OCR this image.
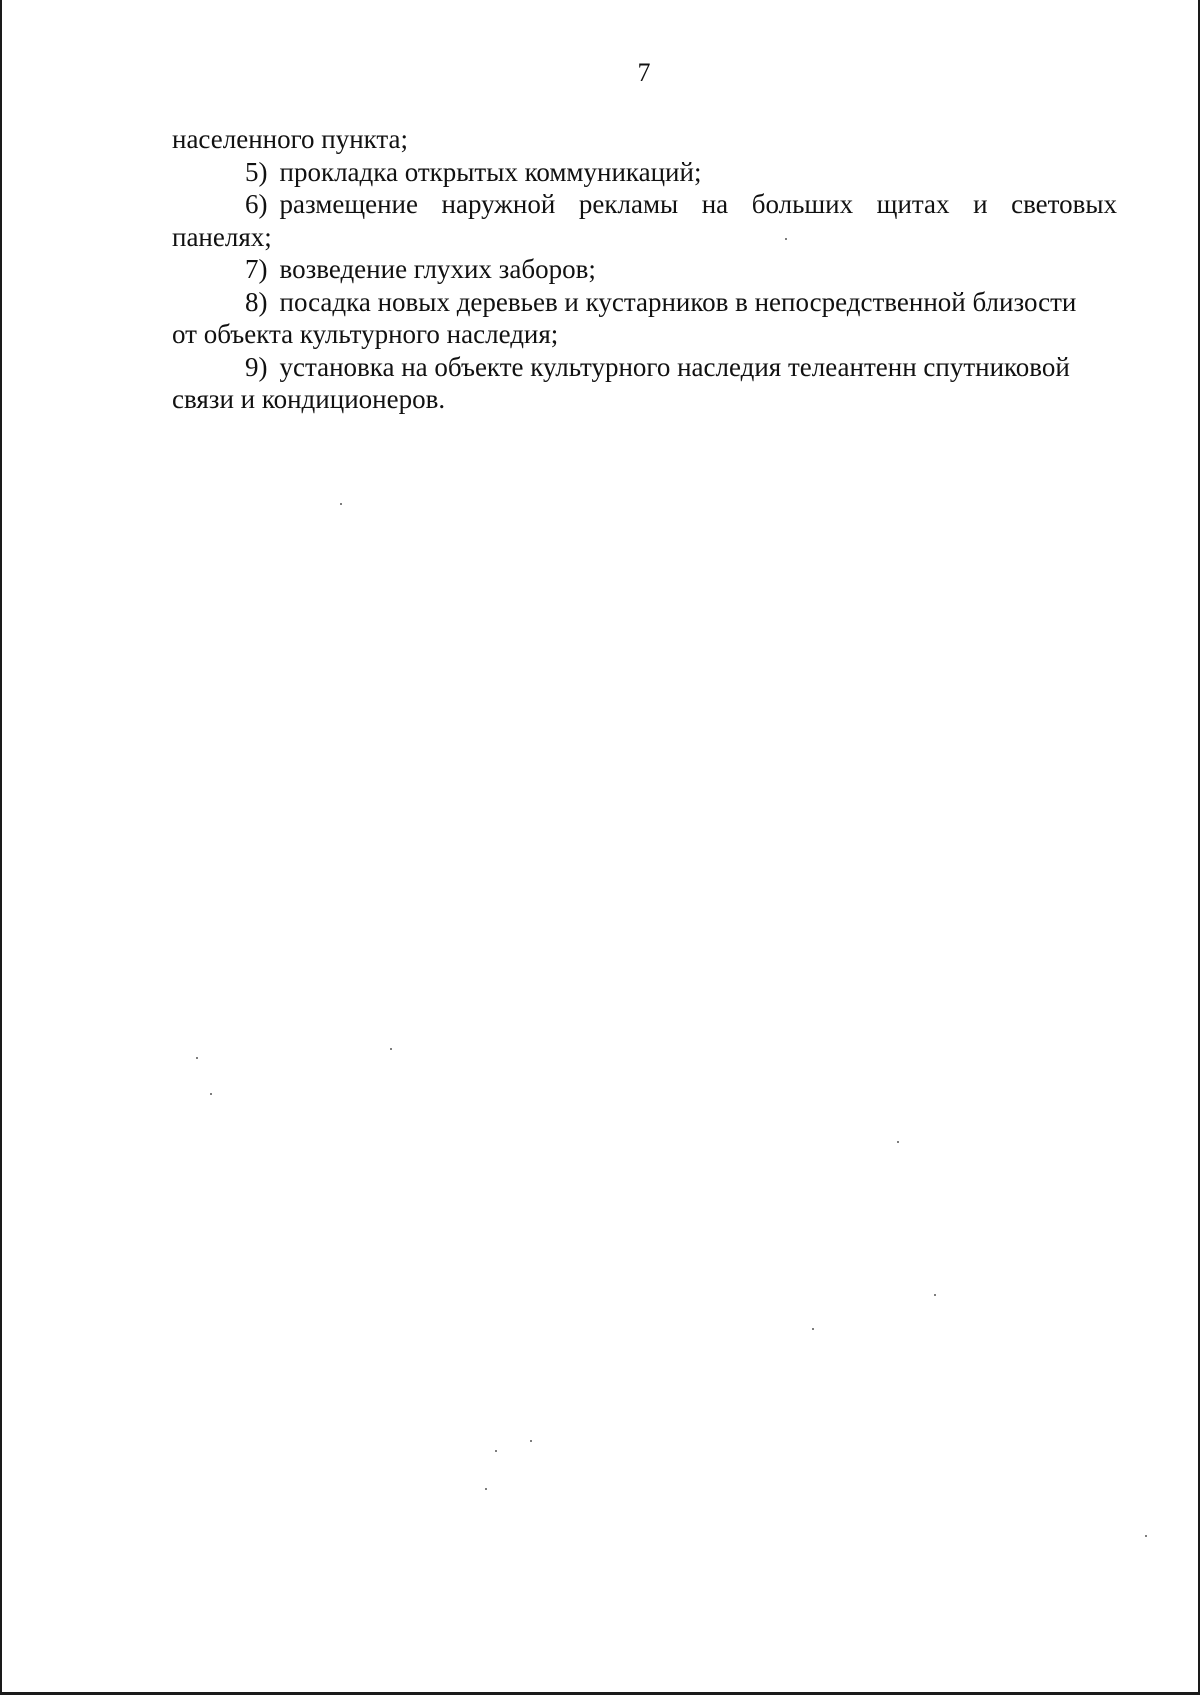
7
населенного пункта;
5) прокладка открытых коммуникаций;
6) размещение наружной рекламы на больших щитах и световых
панелях;
7) возведение глухих заборов;
8) посадка новых деревьев и кустарников в непосредственной близости
от объекта культурного наследия;
9) установка на объекте культурного наследия телеантенн спутниковой
связи и кондиционеров.
